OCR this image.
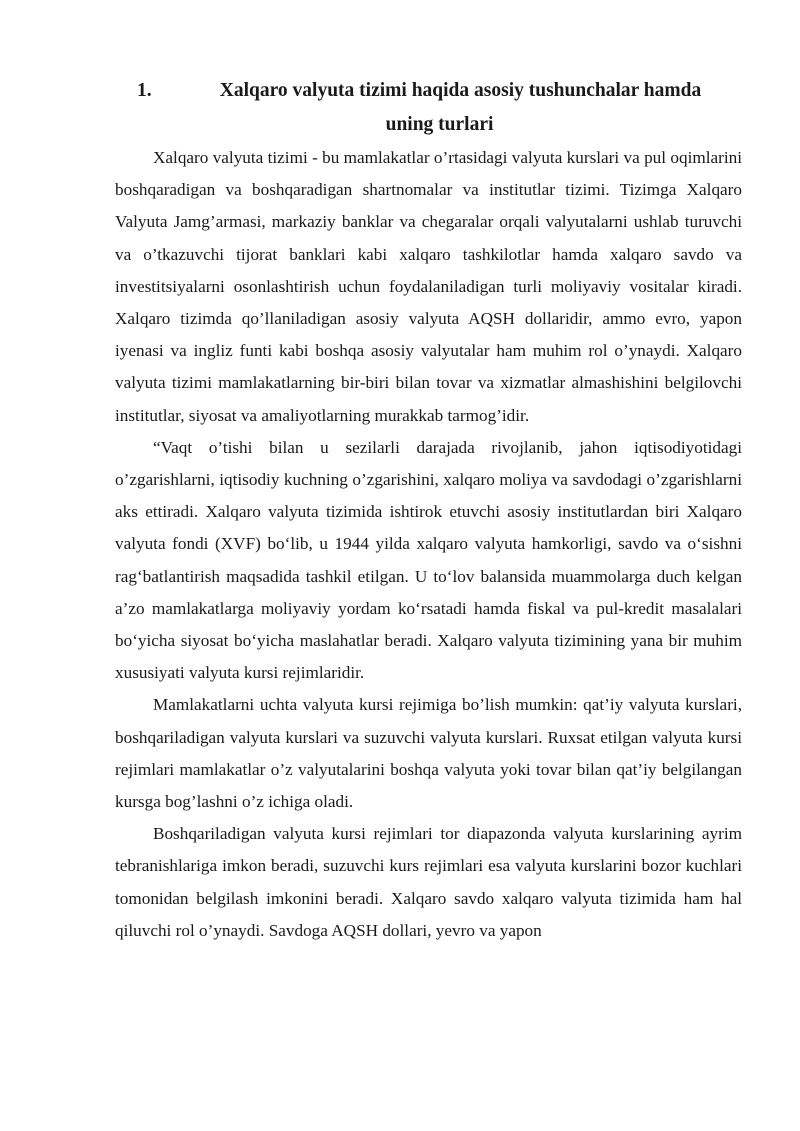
1.	Xalqaro valyuta tizimi haqida asosiy tushunchalar hamda
uning turlari

Xalqaro valyuta tizimi - bu mamlakatlar o’rtasidagi valyuta kurslari va pul oqimlarini boshqaradigan va boshqaradigan shartnomalar va institutlar tizimi. Tizimga Xalqaro Valyuta Jamg’armasi, markaziy banklar va chegaralar orqali valyutalarni ushlab turuvchi va o’tkazuvchi tijorat banklari kabi xalqaro tashkilotlar hamda xalqaro savdo va investitsiyalarni osonlashtirish uchun foydalaniladigan turli moliyaviy vositalar kiradi. Xalqaro tizimda qo’llaniladigan asosiy valyuta AQSH dollaridir, ammo evro, yapon iyenasi va ingliz funti kabi boshqa asosiy valyutalar ham muhim rol o’ynaydi. Xalqaro valyuta tizimi mamlakatlarning bir-biri bilan tovar va xizmatlar almashishini belgilovchi institutlar, siyosat va amaliyotlarning murakkab tarmog’idir.

“Vaqt o’tishi bilan u sezilarli darajada rivojlanib, jahon iqtisodiyotidagi o’zgarishlarni, iqtisodiy kuchning o’zgarishini, xalqaro moliya va savdodagi o’zgarishlarni aks ettiradi. Xalqaro valyuta tizimida ishtirok etuvchi asosiy institutlardan biri Xalqaro valyuta fondi (XVF) bo‘lib, u 1944 yilda xalqaro valyuta hamkorligi, savdo va o‘sishni rag‘batlantirish maqsadida tashkil etilgan. U to‘lov balansida muammolarga duch kelgan a’zo mamlakatlarga moliyaviy yordam ko‘rsatadi hamda fiskal va pul-kredit masalalari bo‘yicha siyosat bo‘yicha maslahatlar beradi. Xalqaro valyuta tizimining yana bir muhim xususiyati valyuta kursi rejimlaridir.

Mamlakatlarni uchta valyuta kursi rejimiga bo’lish mumkin: qat’iy valyuta kurslari, boshqariladigan valyuta kurslari va suzuvchi valyuta kurslari. Ruxsat etilgan valyuta kursi rejimlari mamlakatlar o’z valyutalarini boshqa valyuta yoki tovar bilan qat’iy belgilangan kursga bog’lashni o’z ichiga oladi.

Boshqariladigan valyuta kursi rejimlari tor diapazonda valyuta kurslarining ayrim tebranishlariga imkon beradi, suzuvchi kurs rejimlari esa valyuta kurslarini bozor kuchlari tomonidan belgilash imkonini beradi. Xalqaro savdo xalqaro valyuta tizimida ham hal qiluvchi rol o’ynaydi. Savdoga AQSH dollari, yevro va yapon
